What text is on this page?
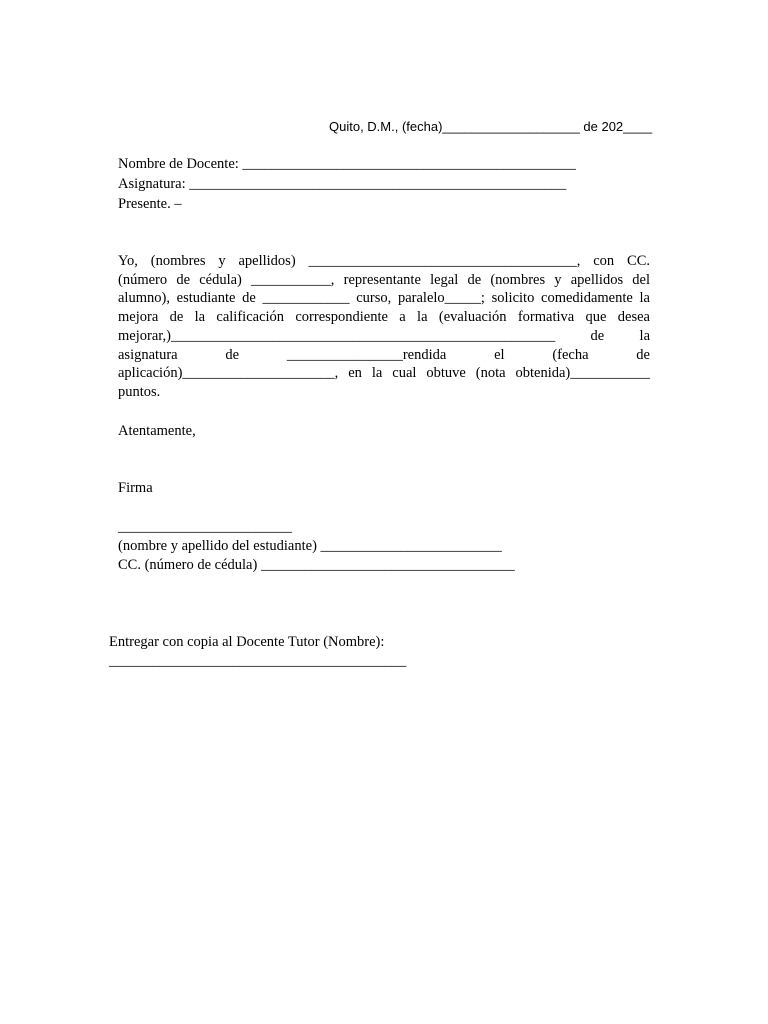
Quito, D.M., (fecha)___________________ de 202____
Nombre de Docente: ______________________________________________
Asignatura: ____________________________________________________
Presente. –
Yo, (nombres y apellidos) _____________________________________, con CC. (número de cédula) ___________, representante legal de (nombres y apellidos del alumno), estudiante de ____________ curso, paralelo_____; solicito comedidamente la mejora de la calificación correspondiente a la (evaluación formativa que desea mejorar,)_____________________________________________________ de la asignatura de ________________rendida el (fecha de aplicación)_____________________, en la cual obtuve (nota obtenida)___________ puntos.
Atentamente,
Firma
________________________
(nombre y apellido del estudiante) _________________________
CC. (número de cédula) ___________________________________
Entregar con copia al Docente Tutor (Nombre):
_________________________________________
